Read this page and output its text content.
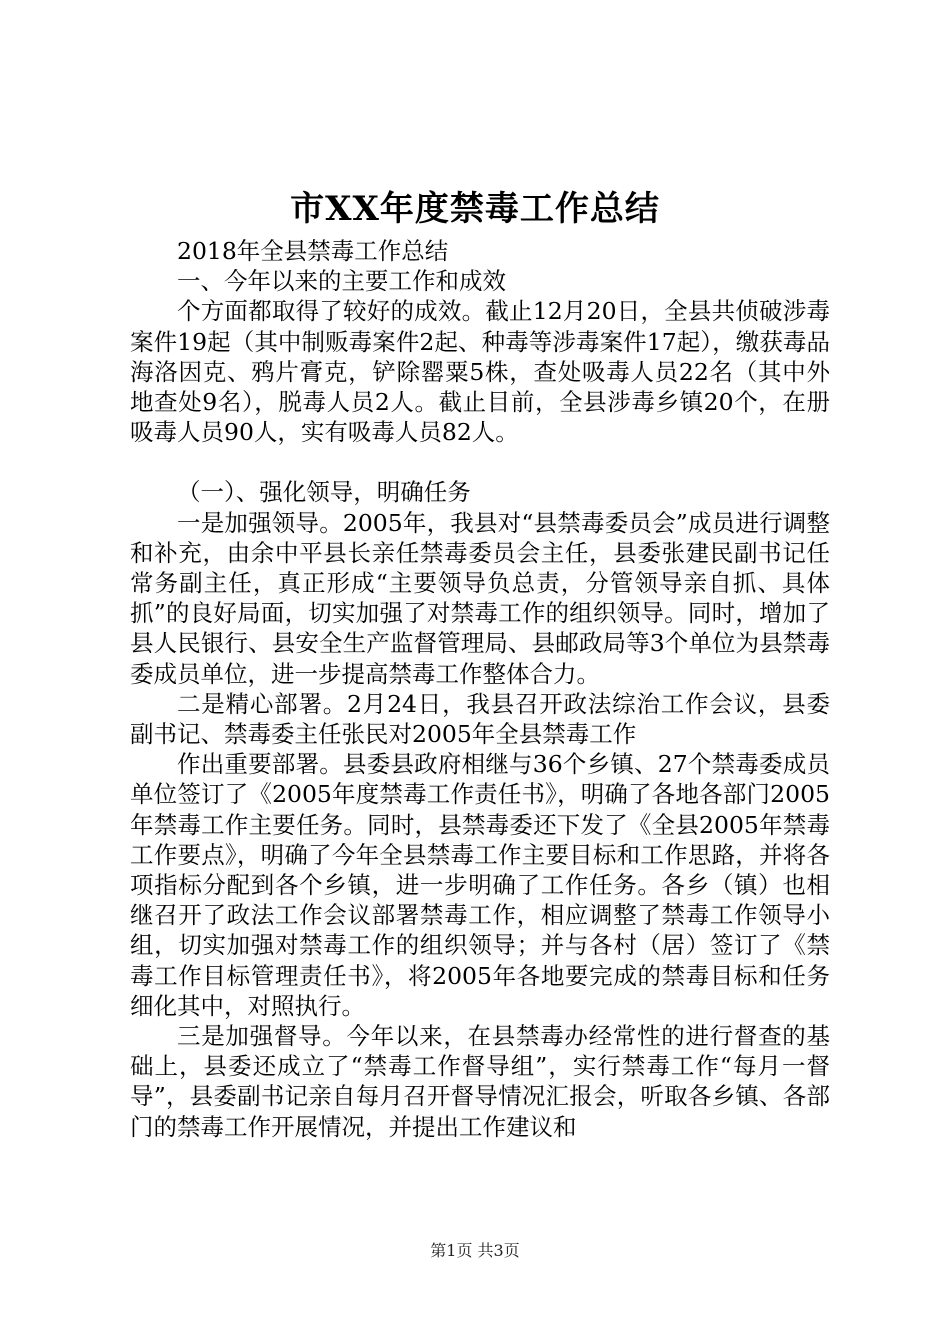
市XX年度禁毒工作总结

2018年全县禁毒工作总结

一、今年以来的主要工作和成效

个方面都取得了较好的成效。截止12月20日，全县共侦破涉毒案件19起（其中制贩毒案件2起、种毒等涉毒案件17起），缴获毒品海洛因克、鸦片膏克，铲除罂粟5株，查处吸毒人员22名（其中外地查处9名），脱毒人员2人。截止目前，全县涉毒乡镇20个，在册吸毒人员90人，实有吸毒人员82人。

（一）、强化领导，明确任务

一是加强领导。2005年，我县对“县禁毒委员会”成员进行调整和补充，由余中平县长亲任禁毒委员会主任，县委张建民副书记任常务副主任，真正形成“主要领导负总责，分管领导亲自抓、具体抓”的良好局面，切实加强了对禁毒工作的组织领导。同时，增加了县人民银行、县安全生产监督管理局、县邮政局等3个单位为县禁毒委成员单位，进一步提高禁毒工作整体合力。

二是精心部署。2月24日，我县召开政法综治工作会议，县委副书记、禁毒委主任张民对2005年全县禁毒工作

作出重要部署。县委县政府相继与36个乡镇、27个禁毒委成员单位签订了《2005年度禁毒工作责任书》，明确了各地各部门2005年禁毒工作主要任务。同时，县禁毒委还下发了《全县2005年禁毒工作要点》，明确了今年全县禁毒工作主要目标和工作思路，并将各项指标分配到各个乡镇，进一步明确了工作任务。各乡（镇）也相继召开了政法工作会议部署禁毒工作，相应调整了禁毒工作领导小组，切实加强对禁毒工作的组织领导；并与各村（居）签订了《禁毒工作目标管理责任书》，将2005年各地要完成的禁毒目标和任务细化其中，对照执行。

三是加强督导。今年以来，在县禁毒办经常性的进行督查的基础上，县委还成立了“禁毒工作督导组”，实行禁毒工作“每月一督导”，县委副书记亲自每月召开督导情况汇报会，听取各乡镇、各部门的禁毒工作开展情况，并提出工作建议和

第1页 共3页
